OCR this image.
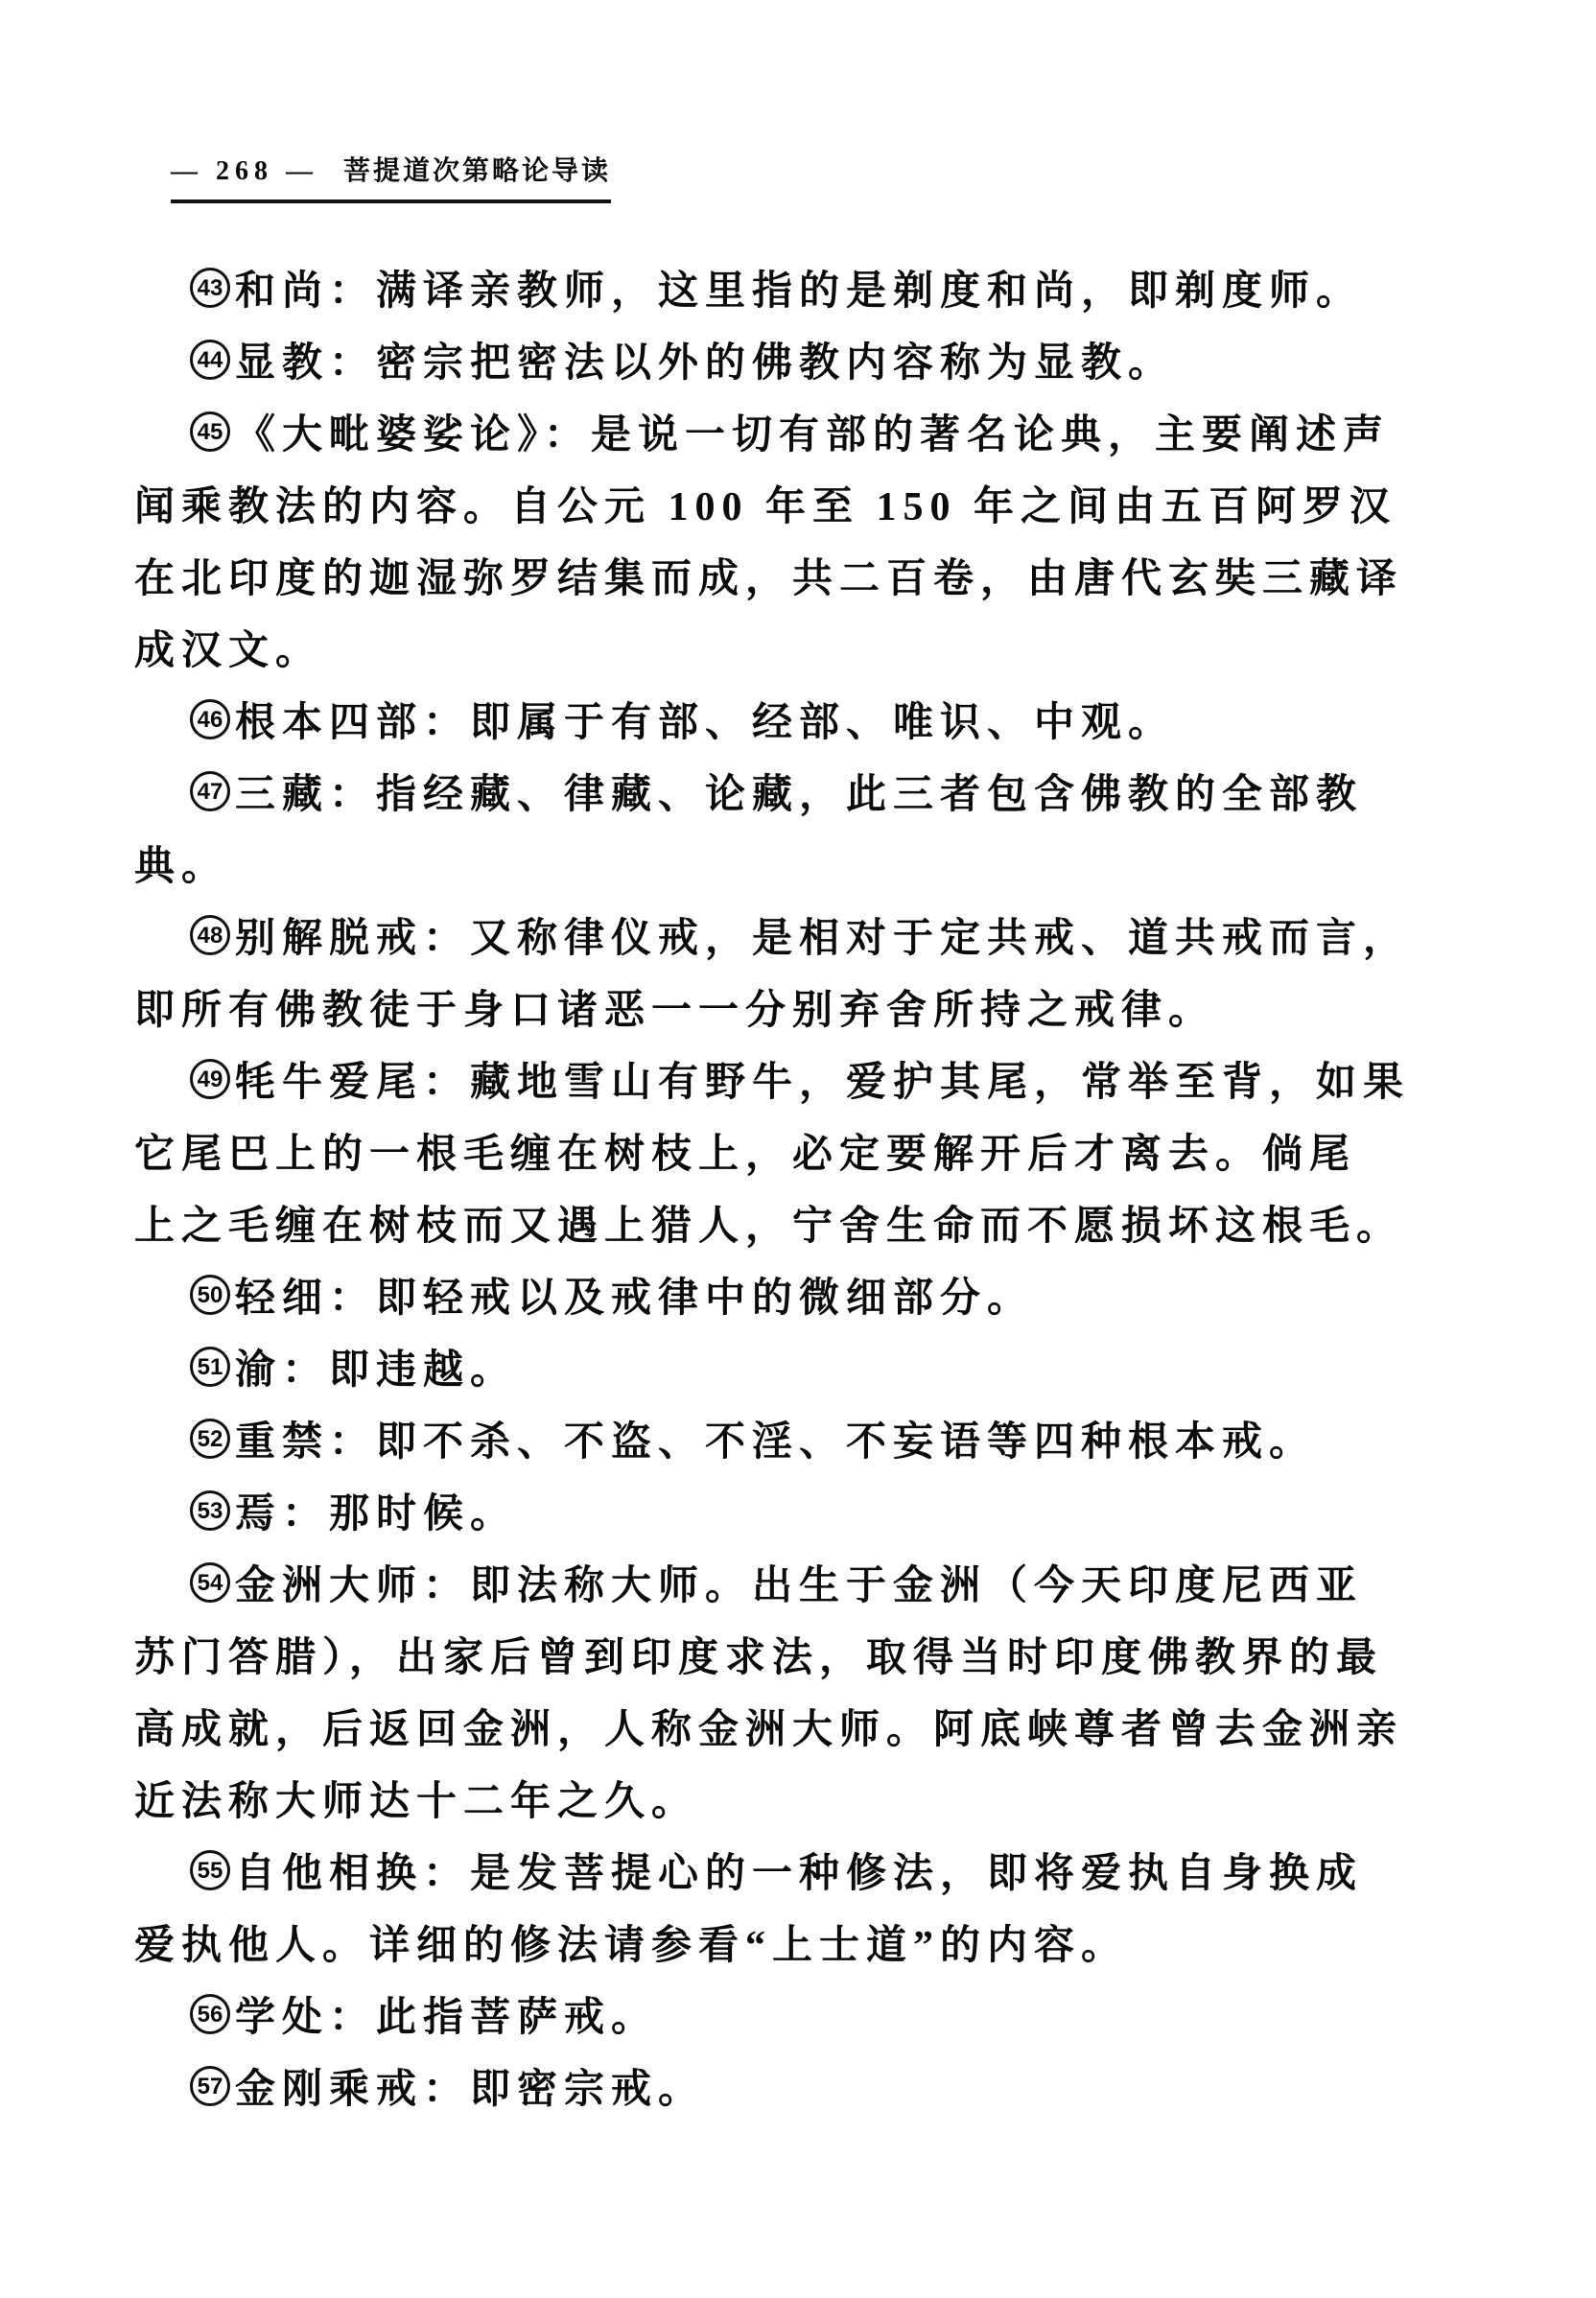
— 268 — 菩提道次第略论导读
43 和尚：满译亲教师，这里指的是剃度和尚，即剃度师。
44 显教：密宗把密法以外的佛教内容称为显教。
45 《大毗婆娑论》：是说一切有部的著名论典，主要阐述声
闻乘教法的内容。自公元 100 年至 150 年之间由五百阿罗汉
在北印度的迦湿弥罗结集而成，共二百卷，由唐代玄奘三藏译
成汉文。
46 根本四部：即属于有部、经部、唯识、中观。
47 三藏：指经藏、律藏、论藏，此三者包含佛教的全部教
典。
48 别解脱戒：又称律仪戒，是相对于定共戒、道共戒而言，
即所有佛教徒于身口诸恶一一分别弃舍所持之戒律。
49 牦牛爱尾：藏地雪山有野牛，爱护其尾，常举至背，如果
它尾巴上的一根毛缠在树枝上，必定要解开后才离去。倘尾
上之毛缠在树枝而又遇上猎人，宁舍生命而不愿损坏这根毛。
50 轻细：即轻戒以及戒律中的微细部分。
51 渝：即违越。
52 重禁：即不杀、不盗、不淫、不妄语等四种根本戒。
53 焉：那时候。
54 金洲大师：即法称大师。出生于金洲（今天印度尼西亚
苏门答腊），出家后曾到印度求法，取得当时印度佛教界的最
高成就，后返回金洲，人称金洲大师。阿底峡尊者曾去金洲亲
近法称大师达十二年之久。
55 自他相换：是发菩提心的一种修法，即将爱执自身换成
爱执他人。详细的修法请参看“上士道”的内容。
56 学处：此指菩萨戒。
57 金刚乘戒：即密宗戒。
